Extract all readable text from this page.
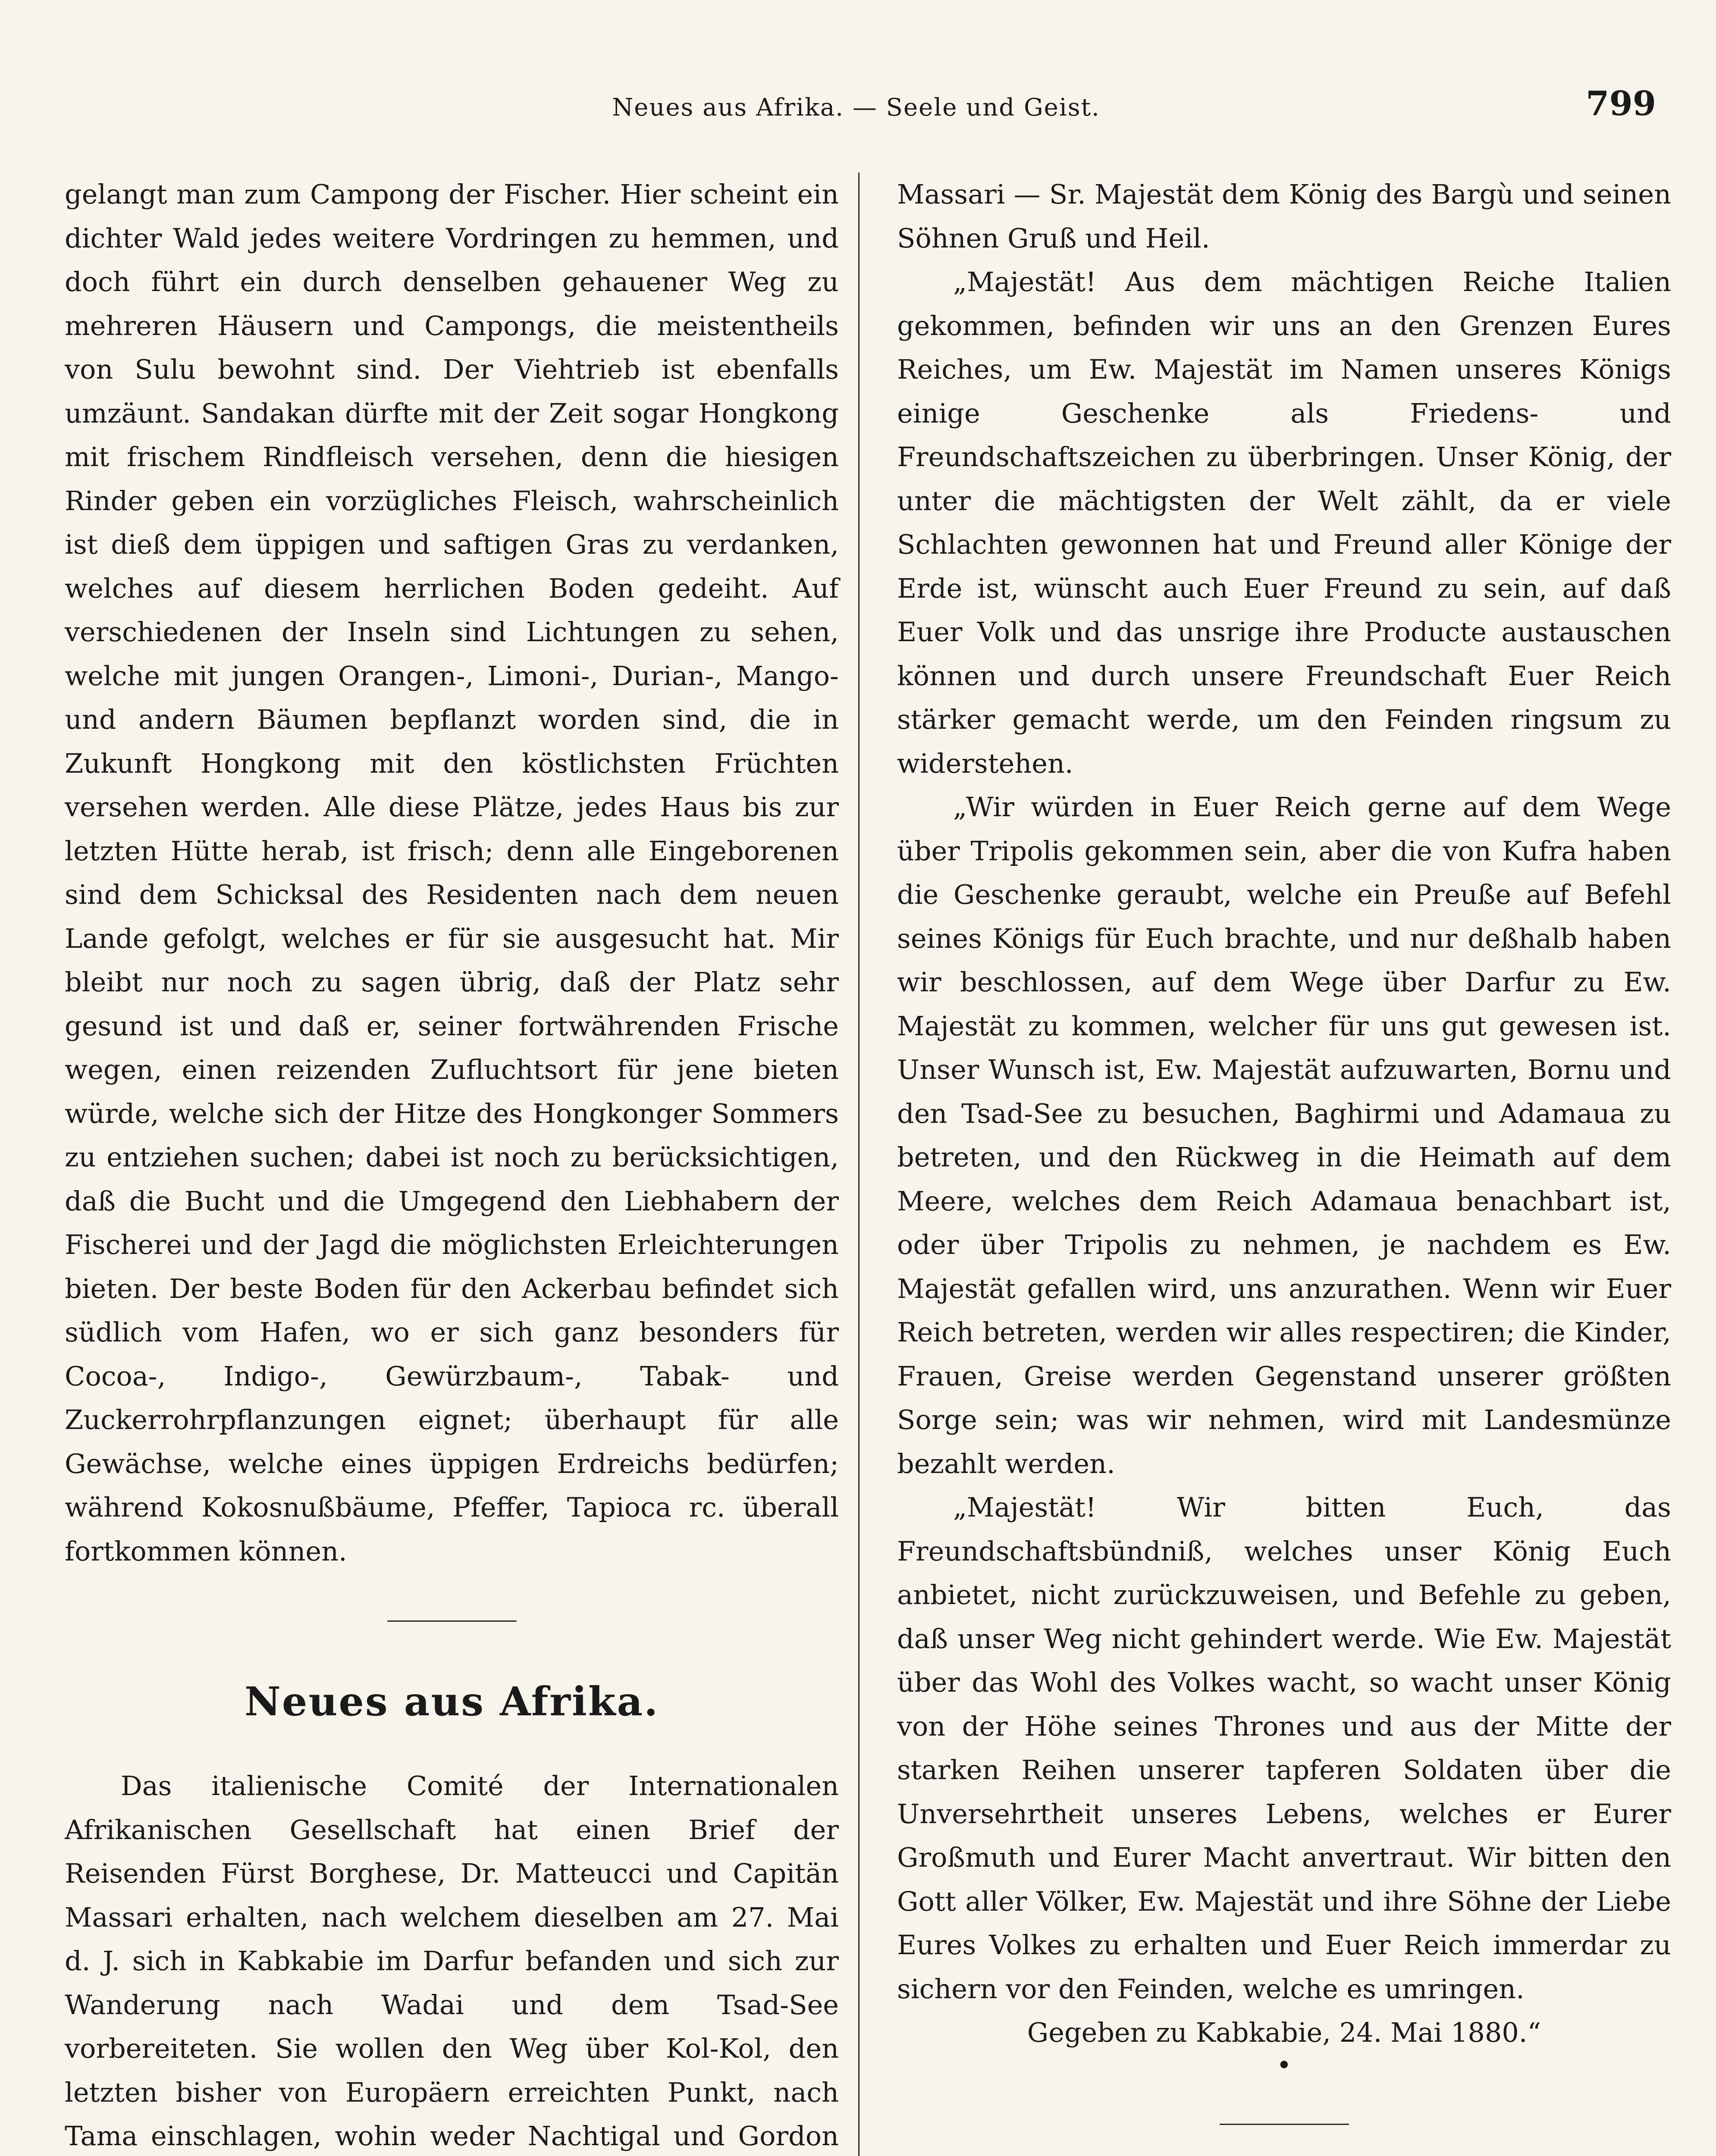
Neues aus Afrika. — Seele und Geist.	799

gelangt man zum Campong der Fischer. Hier scheint ein dichter Wald jedes weitere Vordringen zu hemmen, und doch führt ein durch denselben gehauener Weg zu mehreren Häusern und Campongs, die meistentheils von Sulu bewohnt sind. Der Viehtrieb ist ebenfalls umzäunt. Sandakan dürfte mit der Zeit sogar Hongkong mit frischem Rindfleisch versehen, denn die hiesigen Rinder geben ein vorzügliches Fleisch, wahrscheinlich ist dieß dem üppigen und saftigen Gras zu verdanken, welches auf diesem herrlichen Boden gedeiht. Auf verschiedenen der Inseln sind Lichtungen zu sehen, welche mit jungen Orangen-, Limoni-, Durian-, Mango- und andern Bäumen bepflanzt worden sind, die in Zukunft Hongkong mit den köstlichsten Früchten versehen werden. Alle diese Plätze, jedes Haus bis zur letzten Hütte herab, ist frisch; denn alle Eingeborenen sind dem Schicksal des Residenten nach dem neuen Lande gefolgt, welches er für sie ausgesucht hat. Mir bleibt nur noch zu sagen übrig, daß der Platz sehr gesund ist und daß er, seiner fortwährenden Frische wegen, einen reizenden Zufluchtsort für jene bieten würde, welche sich der Hitze des Hongkonger Sommers zu entziehen suchen; dabei ist noch zu berücksichtigen, daß die Bucht und die Umgegend den Liebhabern der Fischerei und der Jagd die möglichsten Erleichterungen bieten. Der beste Boden für den Ackerbau befindet sich südlich vom Hafen, wo er sich ganz besonders für Cocoa-, Indigo-, Gewürzbaum-, Tabak- und Zuckerrohrpflanzungen eignet; überhaupt für alle Gewächse, welche eines üppigen Erdreichs bedürfen; während Kokosnußbäume, Pfeffer, Tapioca rc. überall fortkommen können.

Neues aus Afrika.

Das italienische Comité der Internationalen Afrikanischen Gesellschaft hat einen Brief der Reisenden Fürst Borghese, Dr. Matteucci und Capitän Massari erhalten, nach welchem dieselben am 27. Mai d. J. sich in Kabkabie im Darfur befanden und sich zur Wanderung nach Wadai und dem Tsad-See vorbereiteten. Sie wollen den Weg über Kol-Kol, den letzten bisher von Europäern erreichten Punkt, nach Tama einschlagen, wohin weder Nachtigal und Gordon

Massari — Sr. Majestät dem König des Bargù und seinen Söhnen Gruß und Heil.

„Majestät! Aus dem mächtigen Reiche Italien gekommen, befinden wir uns an den Grenzen Eures Reiches, um Ew. Majestät im Namen unseres Königs einige Geschenke als Friedens- und Freundschaftszeichen zu überbringen. Unser König, der unter die mächtigsten der Welt zählt, da er viele Schlachten gewonnen hat und Freund aller Könige der Erde ist, wünscht auch Euer Freund zu sein, auf daß Euer Volk und das unsrige ihre Producte austauschen können und durch unsere Freundschaft Euer Reich stärker gemacht werde, um den Feinden ringsum zu widerstehen.

„Wir würden in Euer Reich gerne auf dem Wege über Tripolis gekommen sein, aber die von Kufra haben die Geschenke geraubt, welche ein Preuße auf Befehl seines Königs für Euch brachte, und nur deßhalb haben wir beschlossen, auf dem Wege über Darfur zu Ew. Majestät zu kommen, welcher für uns gut gewesen ist. Unser Wunsch ist, Ew. Majestät aufzuwarten, Bornu und den Tsad-See zu besuchen, Baghirmi und Adamaua zu betreten, und den Rückweg in die Heimath auf dem Meere, welches dem Reich Adamaua benachbart ist, oder über Tripolis zu nehmen, je nachdem es Ew. Majestät gefallen wird, uns anzurathen. Wenn wir Euer Reich betreten, werden wir alles respectiren; die Kinder, Frauen, Greise werden Gegenstand unserer größten Sorge sein; was wir nehmen, wird mit Landesmünze bezahlt werden.

„Majestät! Wir bitten Euch, das Freundschaftsbündniß, welches unser König Euch anbietet, nicht zurückzuweisen, und Befehle zu geben, daß unser Weg nicht gehindert werde. Wie Ew. Majestät über das Wohl des Volkes wacht, so wacht unser König von der Höhe seines Thrones und aus der Mitte der starken Reihen unserer tapferen Soldaten über die Unversehrtheit unseres Lebens, welches er Eurer Großmuth und Eurer Macht anvertraut. Wir bitten den Gott aller Völker, Ew. Majestät und ihre Söhne der Liebe Eures Volkes zu erhalten und Euer Reich immerdar zu sichern vor den Feinden, welche es umringen.

Gegeben zu Kabkabie, 24. Mai 1880.“

•
